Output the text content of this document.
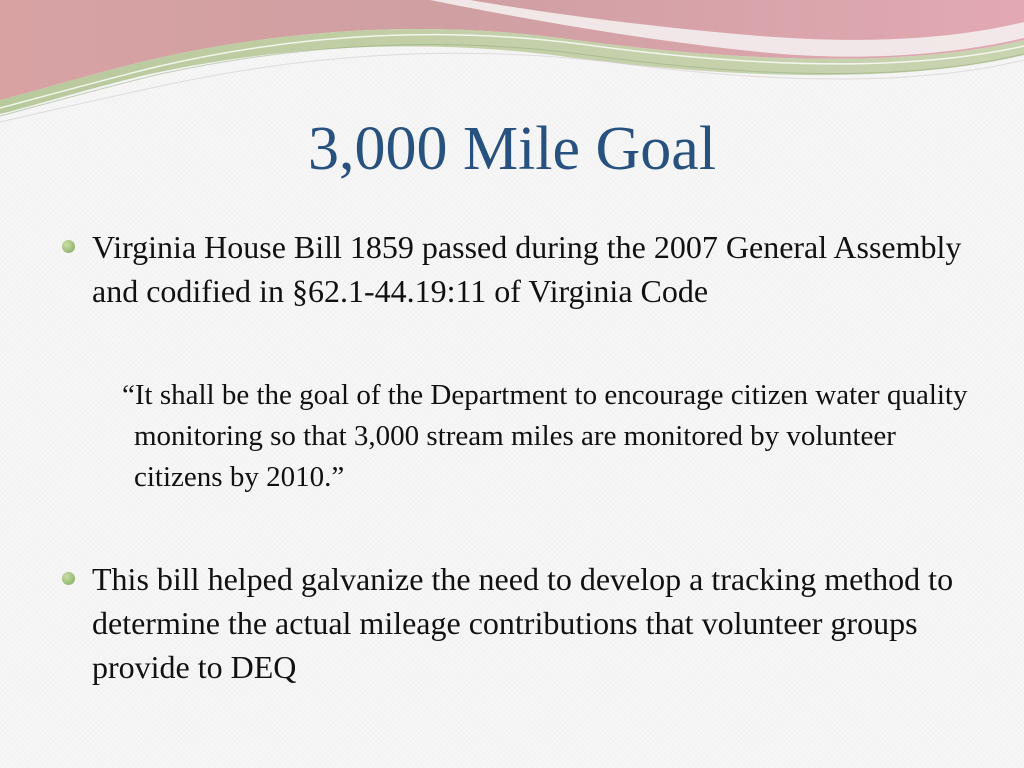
3,000 Mile Goal
Virginia House Bill 1859 passed during the 2007 General Assembly and codified in §62.1-44.19:11 of Virginia Code
“It shall be the goal of the Department to encourage citizen water quality monitoring so that 3,000 stream miles are monitored by volunteer citizens by 2010.”
This bill helped galvanize the need to develop a tracking method to determine the actual mileage contributions that volunteer groups provide to DEQ
